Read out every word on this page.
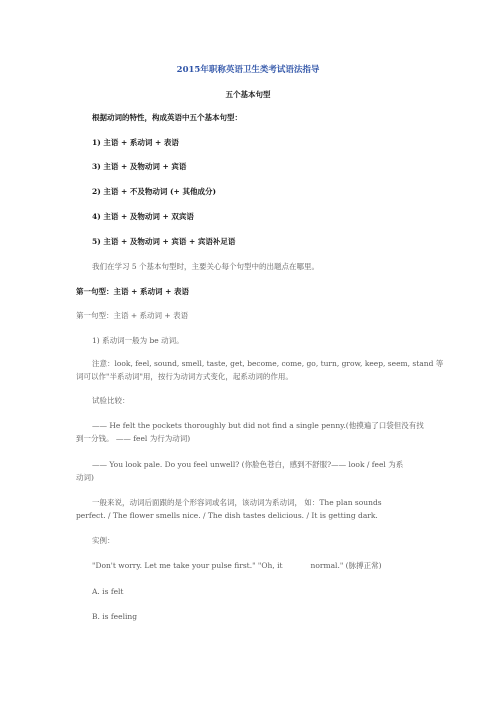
2015年职称英语卫生类考试语法指导
五个基本句型
根据动词的特性，构成英语中五个基本句型：
1) 主语 + 系动词 + 表语
3) 主语 + 及物动词 + 宾语
2) 主语 + 不及物动词 (+ 其他成分)
4) 主语 + 及物动词 + 双宾语
5) 主语 + 及物动词 + 宾语 + 宾语补足语
我们在学习 5 个基本句型时，主要关心每个句型中的出题点在哪里。
第一句型：主语 + 系动词 + 表语
第一句型：主语 + 系动词 + 表语
1) 系动词一般为 be 动词。
注意：look, feel, sound, smell, taste, get, become, come, go, turn, grow, keep, seem, stand 等
词可以作"半系动词"用，按行为动词方式变化，起系动词的作用。
试验比较：
—— He felt the pockets thoroughly but did not find a single penny.(他摸遍了口袋但没有找
到一分钱。 —— feel 为行为动词)
—— You look pale. Do you feel unwell? (你脸色苍白，感到不舒服?—— look / feel 为系
动词)
一般来说，动词后面跟的是个形容词或名词，该动词为系动词， 如：The plan sounds
perfect. / The flower smells nice. / The dish tastes delicious. / It is getting dark.
实例：
"Don't worry. Let me take your pulse first." "Oh, it	normal." (脉搏正常)
A. is felt
B. is feeling
